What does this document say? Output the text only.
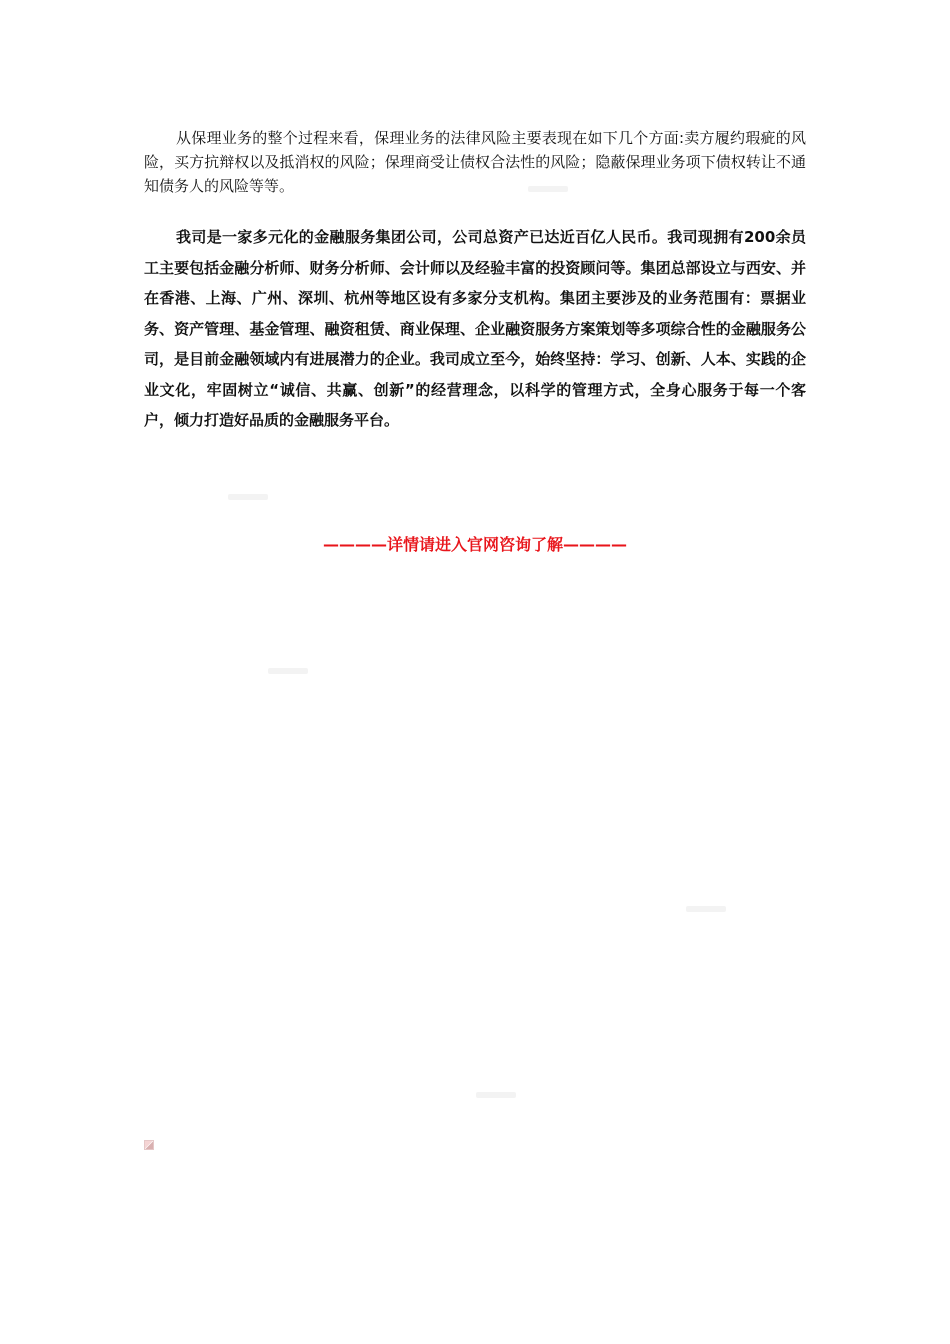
从保理业务的整个过程来看，保理业务的法律风险主要表现在如下几个方面:卖方履约瑕疵的风险，买方抗辩权以及抵消权的风险；保理商受让债权合法性的风险；隐蔽保理业务项下债权转让不通知债务人的风险等等。

我司是一家多元化的金融服务集团公司，公司总资产已达近百亿人民币。我司现拥有200余员工主要包括金融分析师、财务分析师、会计师以及经验丰富的投资顾问等。集团总部设立与西安、并在香港、上海、广州、深圳、杭州等地区设有多家分支机构。集团主要涉及的业务范围有：票据业务、资产管理、基金管理、融资租赁、商业保理、企业融资服务方案策划等多项综合性的金融服务公司，是目前金融领域内有进展潜力的企业。我司成立至今，始终坚持：学习、创新、人本、实践的企业文化，牢固树立“诚信、共赢、创新”的经营理念，以科学的管理方式，全身心服务于每一个客户，倾力打造好品质的金融服务平台。

————详情请进入官网咨询了解————
